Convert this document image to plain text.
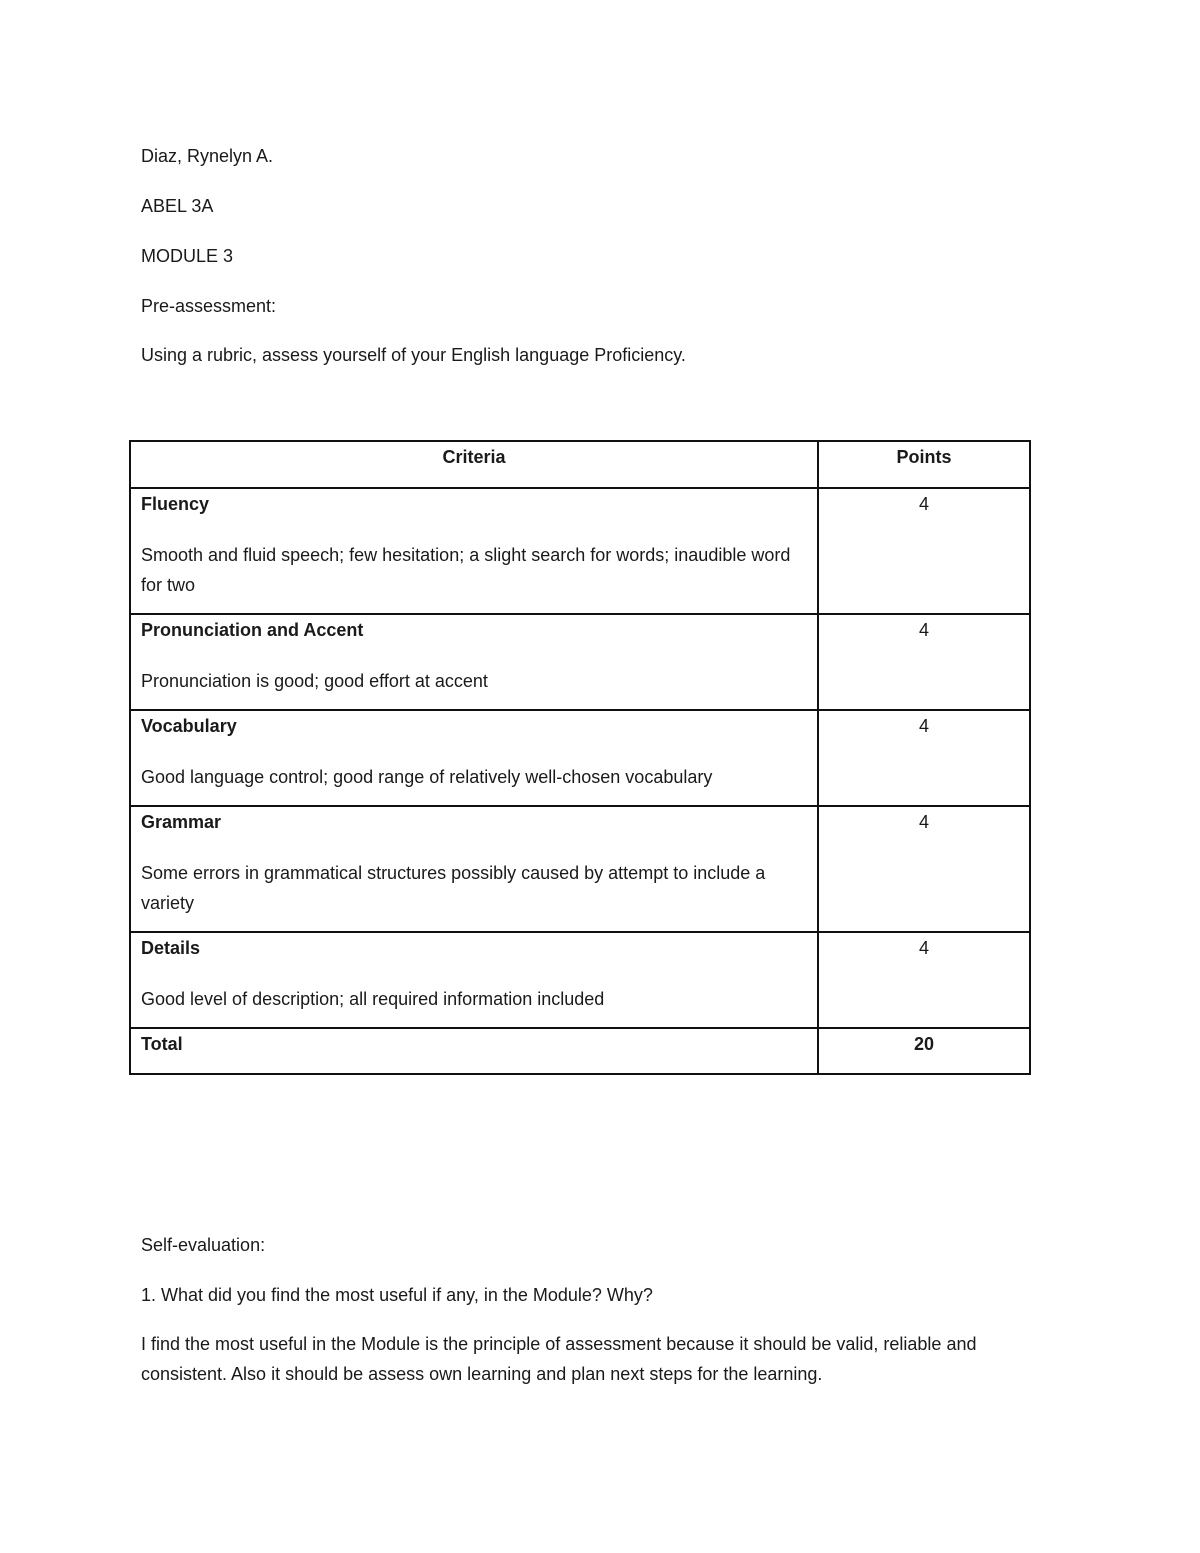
Diaz, Rynelyn A.
ABEL 3A
MODULE 3
Pre-assessment:
Using a rubric, assess yourself of your English language Proficiency.
Criteria	Points

Fluency
Smooth and fluid speech; few hesitation; a slight search for words; inaudible word for two	4

Pronunciation and Accent
Pronunciation is good; good effort at accent	4

Vocabulary
Good language control; good range of relatively well-chosen vocabulary	4

Grammar
Some errors in grammatical structures possibly caused by attempt to include a variety	4

Details
Good level of description; all required information included	4

Total	20
Self-evaluation:
1. What did you find the most useful if any, in the Module? Why?
I find the most useful in the Module is the principle of assessment because it should be valid, reliable and consistent. Also it should be assess own learning and plan next steps for the learning.
